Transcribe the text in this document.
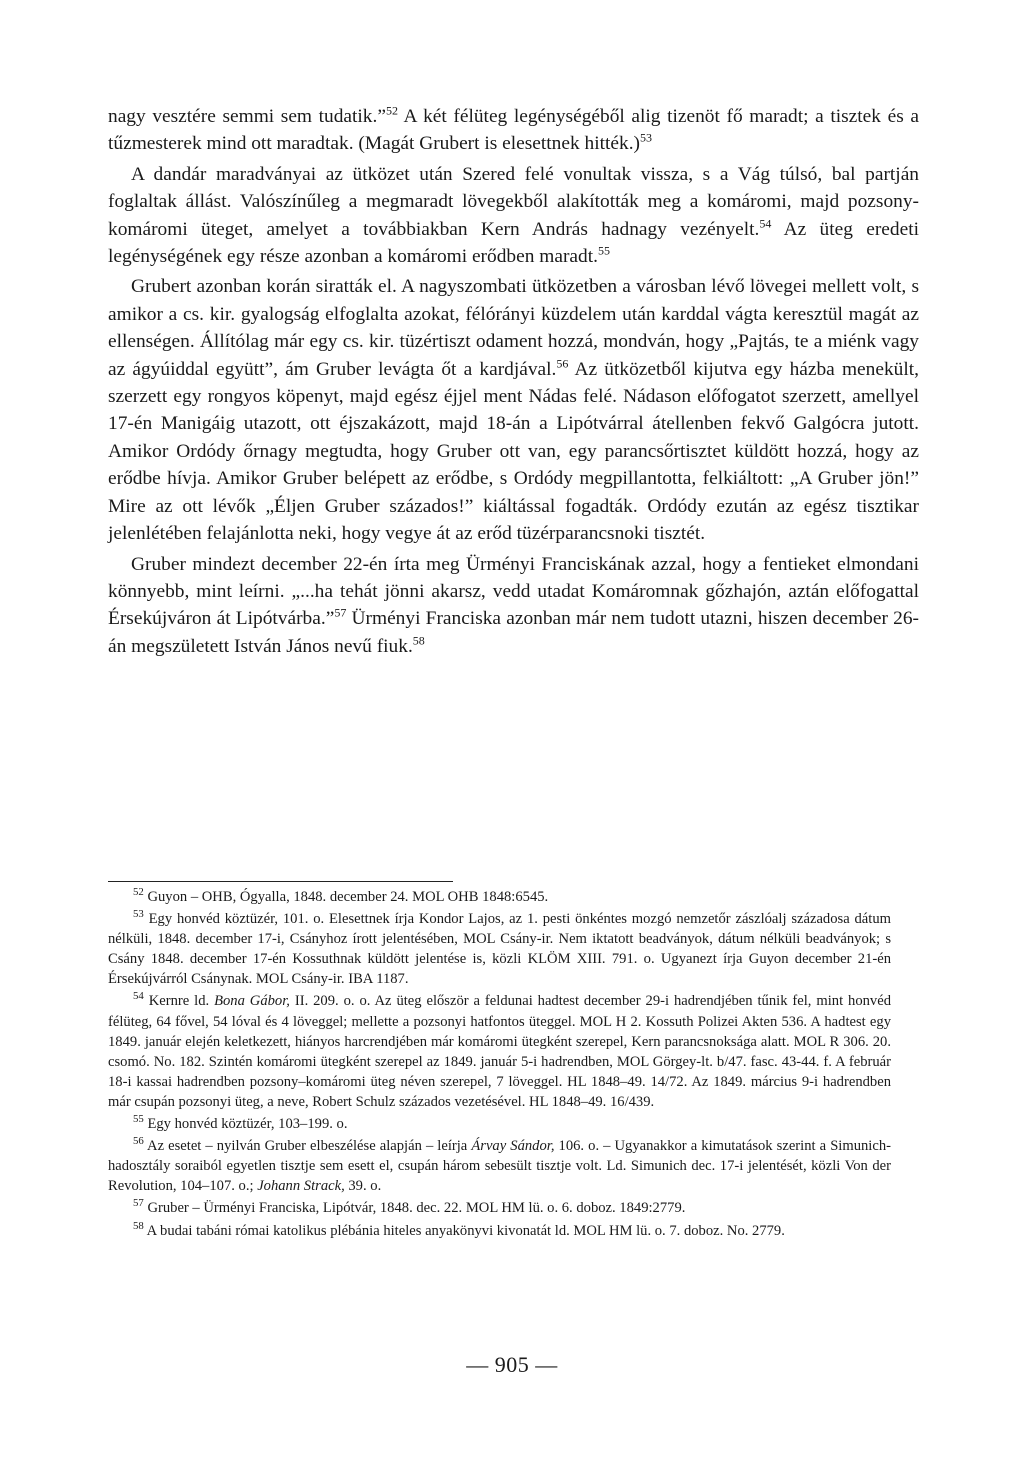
nagy vesztére semmi sem tudatik.”$^{52}$ A két félüteg legénységéből alig tizenöt fő maradt; a tisztek és a tűzmesterek mind ott maradtak. (Magát Grubert is elesettnek hitték.)$^{53}$

A dandár maradványai az ütközet után Szered felé vonultak vissza, s a Vág túlsó, bal partján foglaltak állást. Valószínűleg a megmaradt lövegekből alakították meg a komáromi, majd pozsony-komáromi üteget, amelyet a továbbiakban Kern András hadnagy vezényelt.$^{54}$ Az üteg eredeti legénységének egy része azonban a komáromi erődben maradt.$^{55}$

Grubert azonban korán siratták el. A nagyszombati ütközetben a városban lévő lövegei mellett volt, s amikor a cs. kir. gyalogság elfoglalta azokat, félórányi küzdelem után karddal vágta keresztül magát az ellenségen. Állítólag már egy cs. kir. tüzértiszt odament hozzá, mondván, hogy „Pajtás, te a miénk vagy az ágyúiddal együtt”, ám Gruber levágta őt a kardjával.$^{56}$ Az ütközetből kijutva egy házba menekült, szerzett egy rongyos köpenyt, majd egész éjjel ment Nádas felé. Nádason előfogatot szerzett, amellyel 17-én Manigáig utazott, ott éjszakázott, majd 18-án a Lipótvárral átellenben fekvő Galgócra jutott. Amikor Ordódy őrnagy megtudta, hogy Gruber ott van, egy parancsőrtisztet küldött hozzá, hogy az erődbe hívja. Amikor Gruber belépett az erődbe, s Ordódy megpillantotta, felkiáltott: „A Gruber jön!” Mire az ott lévők „Éljen Gruber százados!” kiáltással fogadták. Ordódy ezután az egész tisztikar jelenlétében felajánlotta neki, hogy vegye át az erőd tüzérparancsnoki tisztét.

Gruber mindezt december 22-én írta meg Ürményi Franciskának azzal, hogy a fentieket elmondani könnyebb, mint leírni. „...ha tehát jönni akarsz, vedd utadat Komáromnak gőzhajón, aztán előfogattal Érsekújváron át Lipótvárba.”$^{57}$ Ürményi Franciska azonban már nem tudott utazni, hiszen december 26-án megszületett István János nevű fiuk.$^{58}$

$^{52}$ Guyon – OHB, Ógyalla, 1848. december 24. MOL OHB 1848:6545.

$^{53}$ Egy honvéd köztüzér, 101. o. Elesettnek írja Kondor Lajos, az 1. pesti önkéntes mozgó nemzetőr zászlóalj századosa dátum nélküli, 1848. december 17-i, Csányhoz írott jelentésében, MOL Csány-ir. Nem iktatott beadványok, dátum nélküli beadványok; s Csány 1848. december 17-én Kossuthnak küldött jelentése is, közli KLÖM XIII. 791. o. Ugyanezt írja Guyon december 21-én Érsekújvárról Csánynak. MOL Csány-ir. IBA 1187.

$^{54}$ Kernre ld. Bona Gábor, II. 209. o. o. Az üteg először a feldunai hadtest december 29-i hadrendjében tűnik fel, mint honvéd félüteg, 64 fővel, 54 lóval és 4 löveggel; mellette a pozsonyi hatfontos üteggel. MOL H 2. Kossuth Polizei Akten 536. A hadtest egy 1849. január elején keletkezett, hiányos harcrendjében már komáromi ütegként szerepel, Kern parancsnoksága alatt. MOL R 306. 20. csomó. No. 182. Szintén komáromi ütegként szerepel az 1849. január 5-i hadrendben, MOL Görgey-lt. b/47. fasc. 43-44. f. A február 18-i kassai hadrendben pozsony–komáromi üteg néven szerepel, 7 löveggel. HL 1848–49. 14/72. Az 1849. március 9-i hadrendben már csupán pozsonyi üteg, a neve, Robert Schulz százados vezetésével. HL 1848–49. 16/439.

$^{55}$ Egy honvéd köztüzér, 103–199. o.

$^{56}$ Az esetet – nyilván Gruber elbeszélése alapján – leírja Árvay Sándor, 106. o. – Ugyanakkor a kimutatások szerint a Simunich-hadosztály soraiból egyetlen tisztje sem esett el, csupán három sebesült tisztje volt. Ld. Simunich dec. 17-i jelentését, közli Von der Revolution, 104–107. o.; Johann Strack, 39. o.

$^{57}$ Gruber – Ürményi Franciska, Lipótvár, 1848. dec. 22. MOL HM lü. o. 6. doboz. 1849:2779.

$^{58}$ A budai tabáni római katolikus plébánia hiteles anyakönyvi kivonatát ld. MOL HM lü. o. 7. doboz. No. 2779.

— 905 —
